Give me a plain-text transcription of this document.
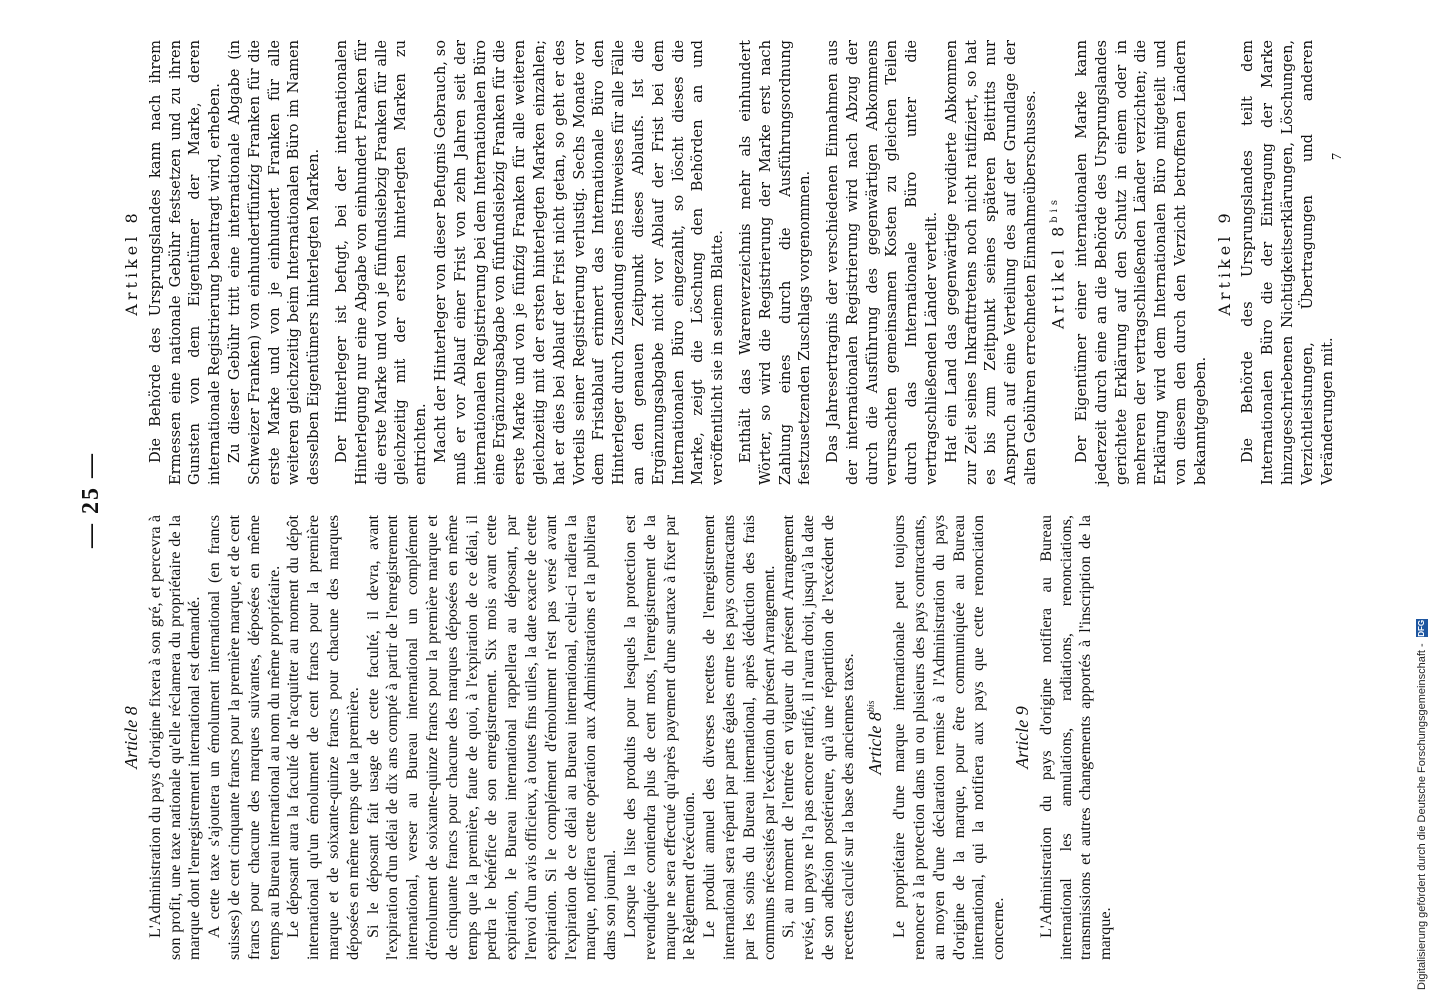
— 25 —
Article 8 L'Administration du pays d'origine fixera à son gré, et percevra à son profit, une taxe nationale qu'elle réclamera du propriétaire de la marque dont l'enregistrement international est demandé. A cette taxe s'ajoutera un émolument international (en francs suisses) de cent cinquante francs pour la première marque, et de cent francs pour chacune des marques suivantes, déposées en même temps au Bureau international au nom du même propriétaire. Le déposant aura la faculté de n'acquitter au moment du dépôt international qu'un émolument de cent francs pour la première marque et de soixante-quinze francs pour chacune des marques déposées en même temps que la première. Si le déposant fait usage de cette faculté, il devra, avant l'expiration d'un délai de dix ans compté à partir de l'enregistrement international, verser au Bureau international un complément d'émolument de soixante-quinze francs pour la première marque et de cinquante francs pour chacune des marques déposées en même temps que la première, faute de quoi, à l'expiration de ce délai, il perdra le bénéfice de son enregistrement. Six mois avant cette expiration, le Bureau international rappellera au déposant, par l'envoi d'un avis officieux, à toutes fins utiles, la date exacte de cette expiration. Si le complément d'émolument n'est pas versé avant l'expiration de ce délai au Bureau international, celui-ci radiera la marque, notifiera cette opération aux Administrations et la publiera dans son journal. Lorsque la liste des produits pour lesquels la protection est revendiquée contiendra plus de cent mots, l'enregistrement de la marque ne sera effectué qu'après payement d'une surtaxe à fixer par le Règlement d'exécution. Le produit annuel des diverses recettes de l'enregistrement international sera réparti par parts égales entre les pays contractants par les soins du Bureau international, après déduction des frais communs nécessités par l'exécution du présent Arrangement. Si, au moment de l'entrée en vigueur du présent Arrangement revisé, un pays ne l'a pas encore ratifié, il n'aura droit, jusqu'à la date de son adhésion postérieure, qu'à une répartition de l'excédent de recettes calculé sur la base des anciennes taxes. Article $8^{bis}$ Le propriétaire d'une marque internationale peut toujours renoncer à la protection dans un ou plusieurs des pays contractants, au moyen d'une déclaration remise à l'Administration du pays d'origine de la marque, pour être communiquée au Bureau international, qui la notifiera aux pays que cette renonciation concerne.

Article 9 L'Administration du pays d'origine notifiera au Bureau international les annulations, radiations, renonciations, transmissions et autres changements apportés à l'inscription de la marque.

Artikel 8 Die Behörde des Ursprungslandes kann nach ihrem Ermessen eine nationale Gebühr festsetzen und zu ihren Gunsten von dem Eigentümer der Marke, deren internationale Registrierung beantragt wird, erheben. Zu dieser Gebühr tritt eine internationale Abgabe (in Schweizer Franken) von einhundertfünfzig Franken für die erste Marke und von je einhundert Franken für alle weiteren gleichzeitig beim Internationalen Büro im Namen desselben Eigentümers hinterlegten Marken. Der Hinterleger ist befugt, bei der internationalen Hinterlegung nur eine Abgabe von einhundert Franken für die erste Marke und von je fünfundsiebzig Franken für alle gleichzeitig mit der ersten hinterlegten Marken zu entrichten. Macht der Hinterleger von dieser Befugnis Gebrauch, so muß er vor Ablauf einer Frist von zehn Jahren seit der internationalen Registrierung bei dem Internationalen Büro eine Ergänzungsabgabe von fünfundsiebzig Franken für die erste Marke und von je fünfzig Franken für alle weiteren gleichzeitig mit der ersten hinterlegten Marken einzahlen; hat er dies bei Ablauf der Frist nicht getan, so geht er des Vorteils seiner Registrierung verlustig. Sechs Monate vor dem Fristablauf erinnert das Internationale Büro den Hinterleger durch Zusendung eines Hinweises für alle Fälle an den genauen Zeitpunkt dieses Ablaufs. Ist die Ergänzungsabgabe nicht vor Ablauf der Frist bei dem Internationalen Büro eingezahlt, so löscht dieses die Marke, zeigt die Löschung den Behörden an und veröffentlicht sie in seinem Blatte. Enthält das Warenverzeichnis mehr als einhundert Wörter, so wird die Registrierung der Marke erst nach Zahlung eines durch die Ausführungsordnung festzusetzenden Zuschlags vorgenommen. Das Jahresertragnis der verschiedenen Einnahmen aus der internationalen Registrierung wird nach Abzug der durch die Ausführung des gegenwärtigen Abkommens verursachten gemeinsamen Kosten zu gleichen Teilen durch das Internationale Büro unter die vertragschließenden Länder verteilt. Hat ein Land das gegenwärtige revidierte Abkommen zur Zeit seines Inkrafttretens noch nicht ratifiziert, so hat es bis zum Zeitpunkt seines späteren Beitritts nur Anspruch auf eine Verteilung des auf der Grundlage der alten Gebühren errechneten Einnahmeüberschusses. Artikel $8^{bis}$ Der Eigentümer einer internationalen Marke kann jederzeit durch eine an die Behörde des Ursprungslandes gerichtete Erklärung auf den Schutz in einem oder in mehreren der vertragschließenden Länder verzichten; die Erklärung wird dem Internationalen Büro mitgeteilt und von diesem den durch den Verzicht betroffenen Ländern bekanntgegeben.

Artikel 9 Die Behörde des Ursprungslandes teilt dem Internationalen Büro die der Eintragung der Marke hinzugeschriebenen Nichtigkeitserklärungen, Löschungen, Verzichtleistungen, Übertragungen und anderen Veränderungen mit.

7
Digitalisierung gefördert durch die Deutsche Forschungsgemeinschaft -
DFG
